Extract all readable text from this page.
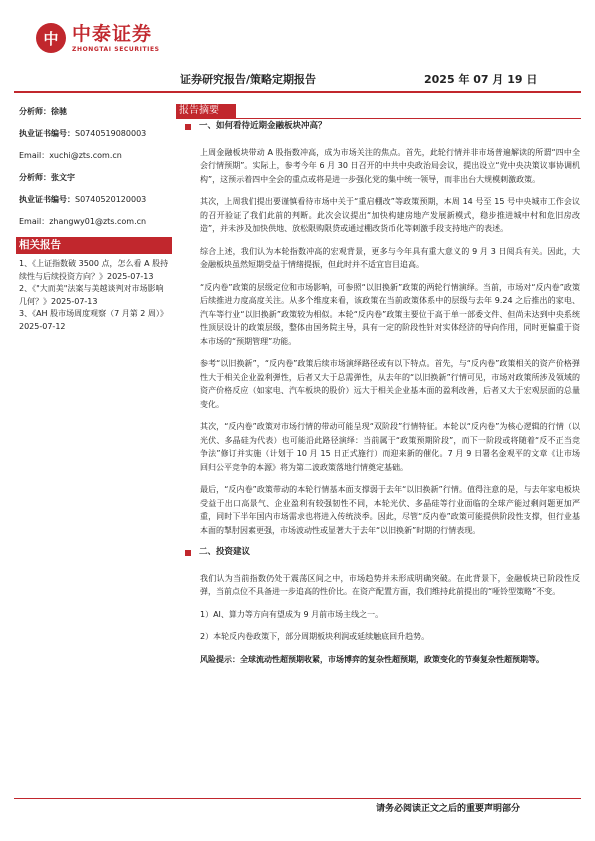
中 中泰证券
ZHONGTAI SECURITIES
证券研究报告/策略定期报告	2025 年 07 月 19 日
分析师：徐驰
执业证书编号：S0740519080003
Email：xuchi@zts.com.cn
分析师：张文宇
执业证书编号：S0740520120003
Email：zhangwy01@zts.com.cn
相关报告
1、《上证指数破 3500 点，怎么看 A 股持续性与后续投资方向？》2025-07-13
2、《"大而美"法案与美越谈判对市场影响几何？》2025-07-13
3、《AH 股市场周度观察（7 月第 2 周）》2025-07-12
报告摘要
一、如何看待近期金融板块冲高？

上周金融板块带动 A 股指数冲高，成为市场关注的焦点。首先，此轮行情并非市场普遍解读的所谓“四中全会行情预期”。实际上，参考今年 6 月 30 日召开的中共中央政治局会议，提出设立“党中央决策议事协调机构”，这预示着四中全会的重点或将是进一步强化党的集中统一领导，而非出台大规模刺激政策。

其次，上周我们提出要谨慎看待市场中关于“重启棚改”等政策预期，本周 14 号至 15 号中央城市工作会议的召开验证了我们此前的判断。此次会议提出“加快构建房地产发展新模式，稳步推进城中村和危旧房改造”，并未涉及加快供地、放松限购限贷或通过棚改货币化等刺激手段支持地产的表述。

综合上述，我们认为本轮指数冲高的宏观背景，更多与今年具有重大意义的 9 月 3 日阅兵有关。因此，大金融板块虽然短期受益于情绪提振，但此时并不适宜盲目追高。

“反内卷”政策的层级定位和市场影响，可参照“以旧换新”政策的两轮行情演绎。当前，市场对“反内卷”政策后续推进力度高度关注。从多个维度来看，该政策在当前政策体系中的层级与去年 9.24 之后推出的家电、汽车等行业“以旧换新”政策较为相似。本轮“反内卷”政策主要位于高于单一部委文件、但尚未达到中央系统性顶层设计的政策层级，整体由国务院主导，具有一定的阶段性针对实体经济的导向作用，同时更偏重于资本市场的“预期管理”功能。

参考“以旧换新”，“反内卷”政策后续市场演绎路径或有以下特点。首先，与“反内卷”政策相关的资产价格弹性大于相关企业盈利弹性，后者又大于总需弹性，从去年的“以旧换新”行情可见，市场对政策所涉及领域的资产价格反应（如家电、汽车板块的股价）远大于相关企业基本面的盈利改善，后者又大于宏观层面的总量变化。

其次，“反内卷”政策对市场行情的带动可能呈现“双阶段”行情特征。本轮以“反内卷”为核心逻辑的行情（以光伏、多晶硅为代表）也可能沿此路径演绎：当前属于“政策预期阶段”，而下一阶段或将随着“反不正当竞争法”修订并实施（计划于 10 月 15 日正式施行）而迎来新的催化。7 月 9 日署名金观平的文章《让市场回归公平竞争的本源》将为第二波政策落地行情奠定基础。

最后，“反内卷”政策带动的本轮行情基本面支撑弱于去年“以旧换新”行情。值得注意的是，与去年家电板块受益于出口高景气、企业盈利有较强韧性不同，本轮光伏、多晶硅等行业面临的全球产能过剩问题更加严重，同时下半年国内市场需求也将进入传统淡季。因此，尽管“反内卷”政策可能提供阶段性支撑，但行业基本面的掣肘因素更强，市场波动性或显著大于去年“以旧换新”时期的行情表现。

二、投资建议

我们认为当前指数仍处于震荡区间之中，市场趋势并未形成明确突破。在此背景下，金融板块已阶段性反弹，当前点位不具备进一步追高的性价比。在资产配置方面，我们维持此前提出的“哑铃型策略”不变。

1）AI、算力等方向有望成为 9 月前市场主线之一。

2）本轮反内卷政策下，部分周期板块利润或延续触底回升趋势。

风险提示：全球流动性超预期收紧，市场博弈的复杂性超预期，政策变化的节奏复杂性超预期等。

请务必阅读正文之后的重要声明部分
